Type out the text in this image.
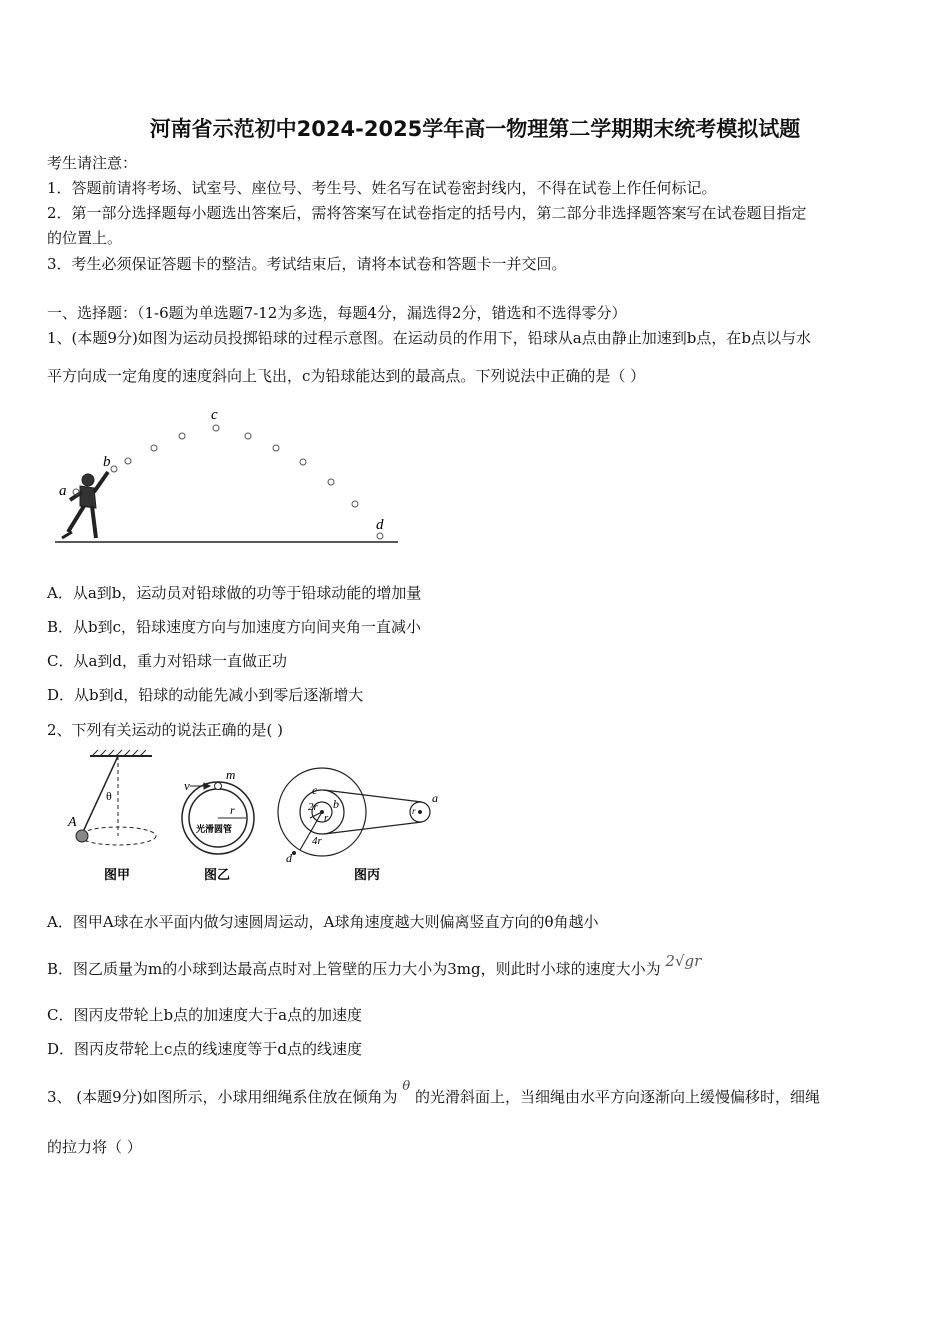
河南省示范初中2024-2025学年高一物理第二学期期末统考模拟试题
考生请注意：
1．答题前请将考场、试室号、座位号、考生号、姓名写在试卷密封线内，不得在试卷上作任何标记。
2．第一部分选择题每小题选出答案后，需将答案写在试卷指定的括号内，第二部分非选择题答案写在试卷题目指定
的位置上。
3．考生必须保证答题卡的整洁。考试结束后，请将本试卷和答题卡一并交回。
一、选择题：（1-6题为单选题7-12为多选，每题4分，漏选得2分，错选和不选得零分）
1、(本题9分)如图为运动员投掷铅球的过程示意图。在运动员的作用下，铅球从a点由静止加速到b点，在b点以与水
平方向成一定角度的速度斜向上飞出，c为铅球能达到的最高点。下列说法中正确的是（ ）
a
b
c
d
A．从a到b，运动员对铅球做的功等于铅球动能的增加量
B．从b到c，铅球速度方向与加速度方向间夹角一直减小
C．从a到d，重力对铅球一直做正功
D．从b到d，铅球的动能先减小到零后逐渐增大
2、下列有关运动的说法正确的是( )
θ
A
图甲
v
m
r
光滑圆管
图乙
c
2r
r
b
4r
a
r
d
图丙
A．图甲A球在水平面内做匀速圆周运动，A球角速度越大则偏离竖直方向的θ角越小
B．图乙质量为m的小球到达最高点时对上管壁的压力大小为3mg，则此时小球的速度大小为 2√gr
C．图丙皮带轮上b点的加速度大于a点的加速度
D．图丙皮带轮上c点的线速度等于d点的线速度
3、 (本题9分)如图所示，小球用细绳系住放在倾角为 θ 的光滑斜面上，当细绳由水平方向逐渐向上缓慢偏移时，细绳
的拉力将（ ）
